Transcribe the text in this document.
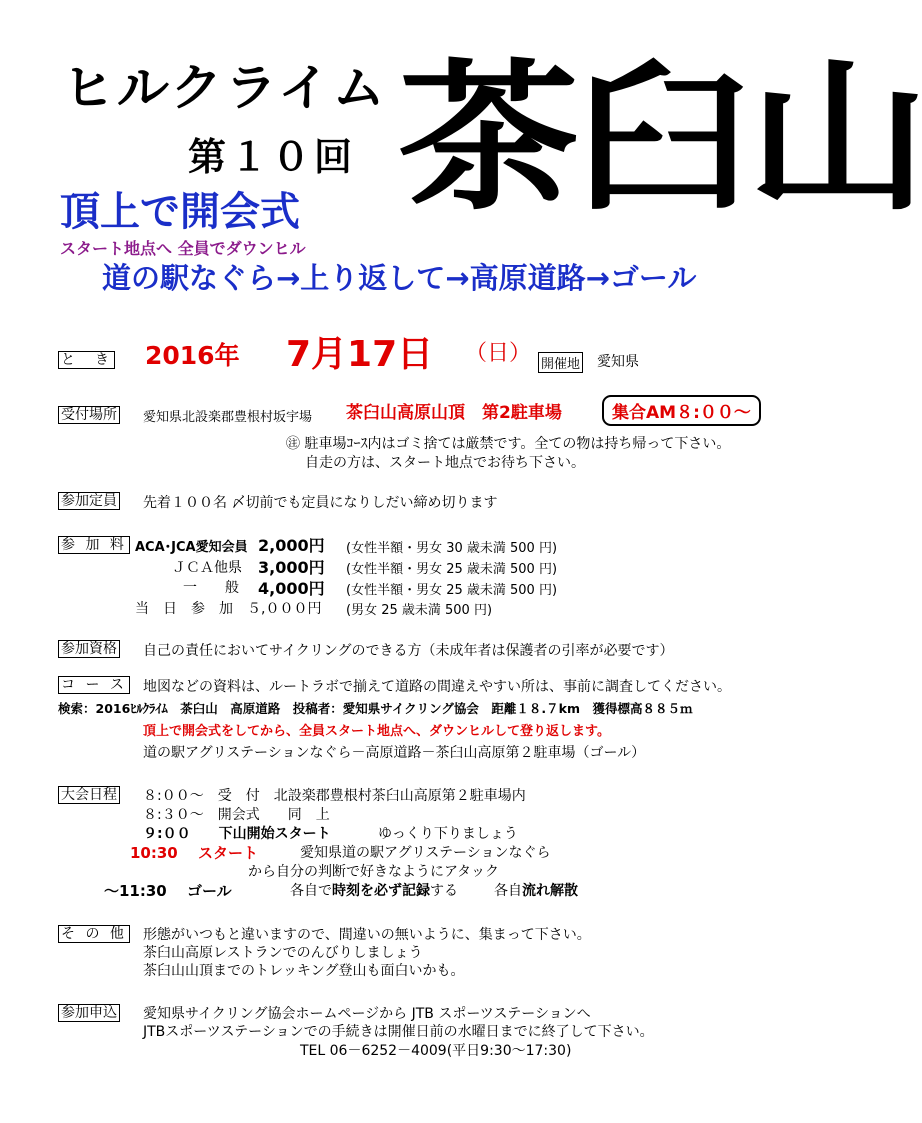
ヒルクライム
第１０回 茶臼山
頂上で開会式
スタート地点へ 全員でダウンヒル
道の駅なぐら→上り返して→高原道路→ゴール
と　き 2016年 7月17日 （日） 開催地 愛知県
受付場所 愛知県北設楽郡豊根村坂宇場 茶臼山高原山頂　第2駐車場	集合AM８:００～
㊟ 駐車場ｺｰｽ内はゴミ捨ては厳禁です。全ての物は持ち帰って下さい。
自走の方は、スタート地点でお待ち下さい。
参加定員 先着１００名 〆切前でも定員になりしだい締め切ります
参 加 料 ACA･JCA愛知会員 2,000円 (女性半額・男女 30 歳未満 500 円)
ＪＣＡ他県 3,000円 (女性半額・男女 25 歳未満 500 円)
一　　般 4,000円 (女性半額・男女 25 歳未満 500 円)
当　日　参　加　５,０００円 (男女 25 歳未満 500 円)
参加資格 自己の責任においてサイクリングのできる方（未成年者は保護者の引率が必要です）
コ ー ス 地図などの資料は、ルートラボで揃えて道路の間違えやすい所は、事前に調査してください。
検索：2016ﾋﾙｸﾗｲﾑ　茶臼山　高原道路　投稿者：愛知県サイクリング協会　距離１８.７km　獲得標高８８５ｍ
頂上で開会式をしてから、全員スタート地点へ、ダウンヒルして登り返します。
道の駅アグリステーションなぐら－高原道路－茶臼山高原第２駐車場（ゴール）
大会日程 ８:００～　受　付　北設楽郡豊根村茶臼山高原第２駐車場内
８:３０～　開会式　　同　上
９:００　　下山開始スタート	ゆっくり下りましょう
10:30　 スタート	愛知県道の駅アグリステーションなぐら
から自分の判断で好きなようにアタック
～11:30　 ゴール	各自で時刻を必ず記録する	各自流れ解散
そ の 他 形態がいつもと違いますので、間違いの無いように、集まって下さい。
茶臼山高原レストランでのんびりしましょう
茶臼山山頂までのトレッキング登山も面白いかも。
参加申込 愛知県サイクリング協会ホームページから JTB スポーツステーションへ
JTBスポーツステーションでの手続きは開催日前の水曜日までに終了して下さい。
TEL 06－6252－4009(平日9:30～17:30)
